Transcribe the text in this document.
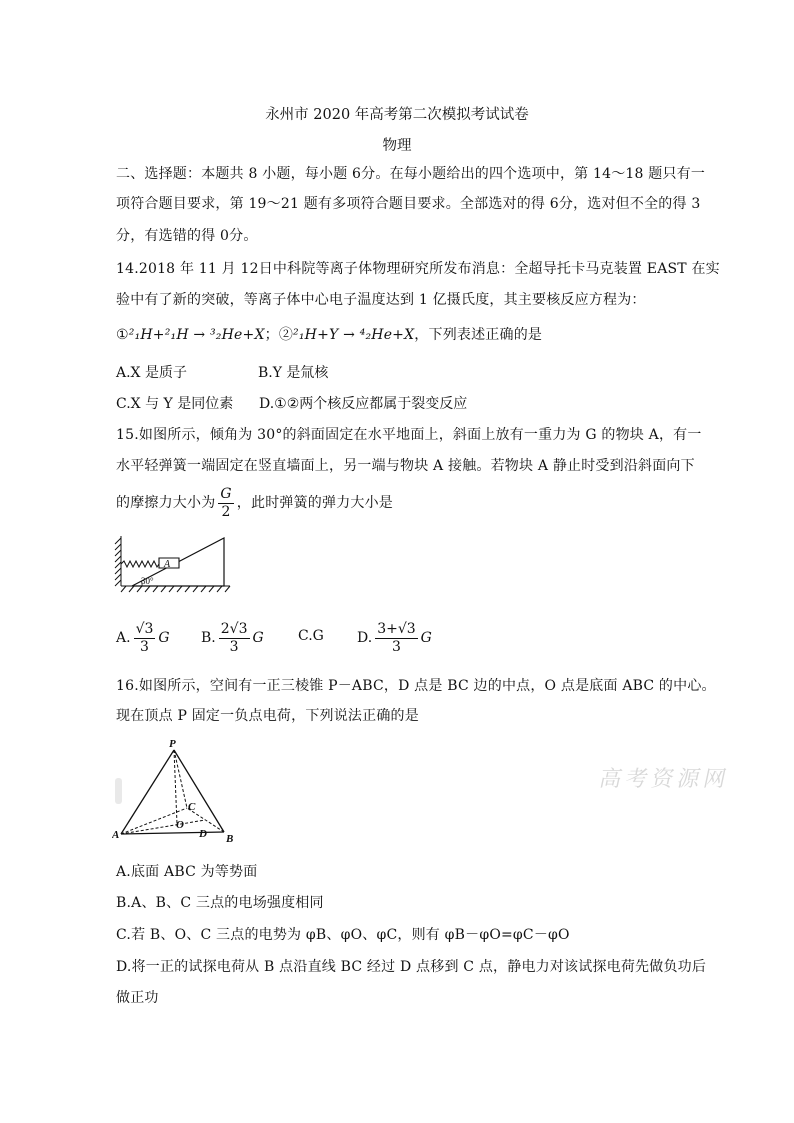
永州市 2020 年高考第二次模拟考试试卷
物理
二、选择题：本题共 8 小题，每小题 6分。在每小题给出的四个选项中，第 14～18 题只有一
项符合题目要求，第 19～21 题有多项符合题目要求。全部选对的得 6分，选对但不全的得 3
分，有选错的得 0分。
14.2018 年 11 月 12日中科院等离子体物理研究所发布消息：全超导托卡马克装置 EAST 在实
验中有了新的突破，等离子体中心电子温度达到 1 亿摄氏度，其主要核反应方程为：
①²₁H+²₁H → ³₂He+X；②²₁H+Y → ⁴₂He+X，下列表述正确的是
A.X 是质子	B.Y 是氚核
C.X 与 Y 是同位素 D.①②两个核反应都属于裂变反应
15.如图所示，倾角为 30°的斜面固定在水平地面上，斜面上放有一重力为 G 的物块 A，有一
水平轻弹簧一端固定在竖直墙面上，另一端与物块 A 接触。若物块 A 静止时受到沿斜面向下
的摩擦力大小为 $\frac{G}{2}$ ，此时弹簧的弹力大小是
A
30°
A. $\frac{√3}{3}$ G B. $\frac{2√3}{3}$ G C.G D. $\frac{3+√3}{3}$ G
16.如图所示，空间有一正三棱锥 P－ABC，D 点是 BC 边的中点，O 点是底面 ABC 的中心。
现在顶点 P 固定一负点电荷，下列说法正确的是
P
A	B
C
O
D
高考资源网
A.底面 ABC 为等势面
B.A、B、C 三点的电场强度相同
C.若 B、O、C 三点的电势为 φB、φO、φC，则有 φB－φO=φC－φO
D.将一正的试探电荷从 B 点沿直线 BC 经过 D 点移到 C 点，静电力对该试探电荷先做负功后
做正功
